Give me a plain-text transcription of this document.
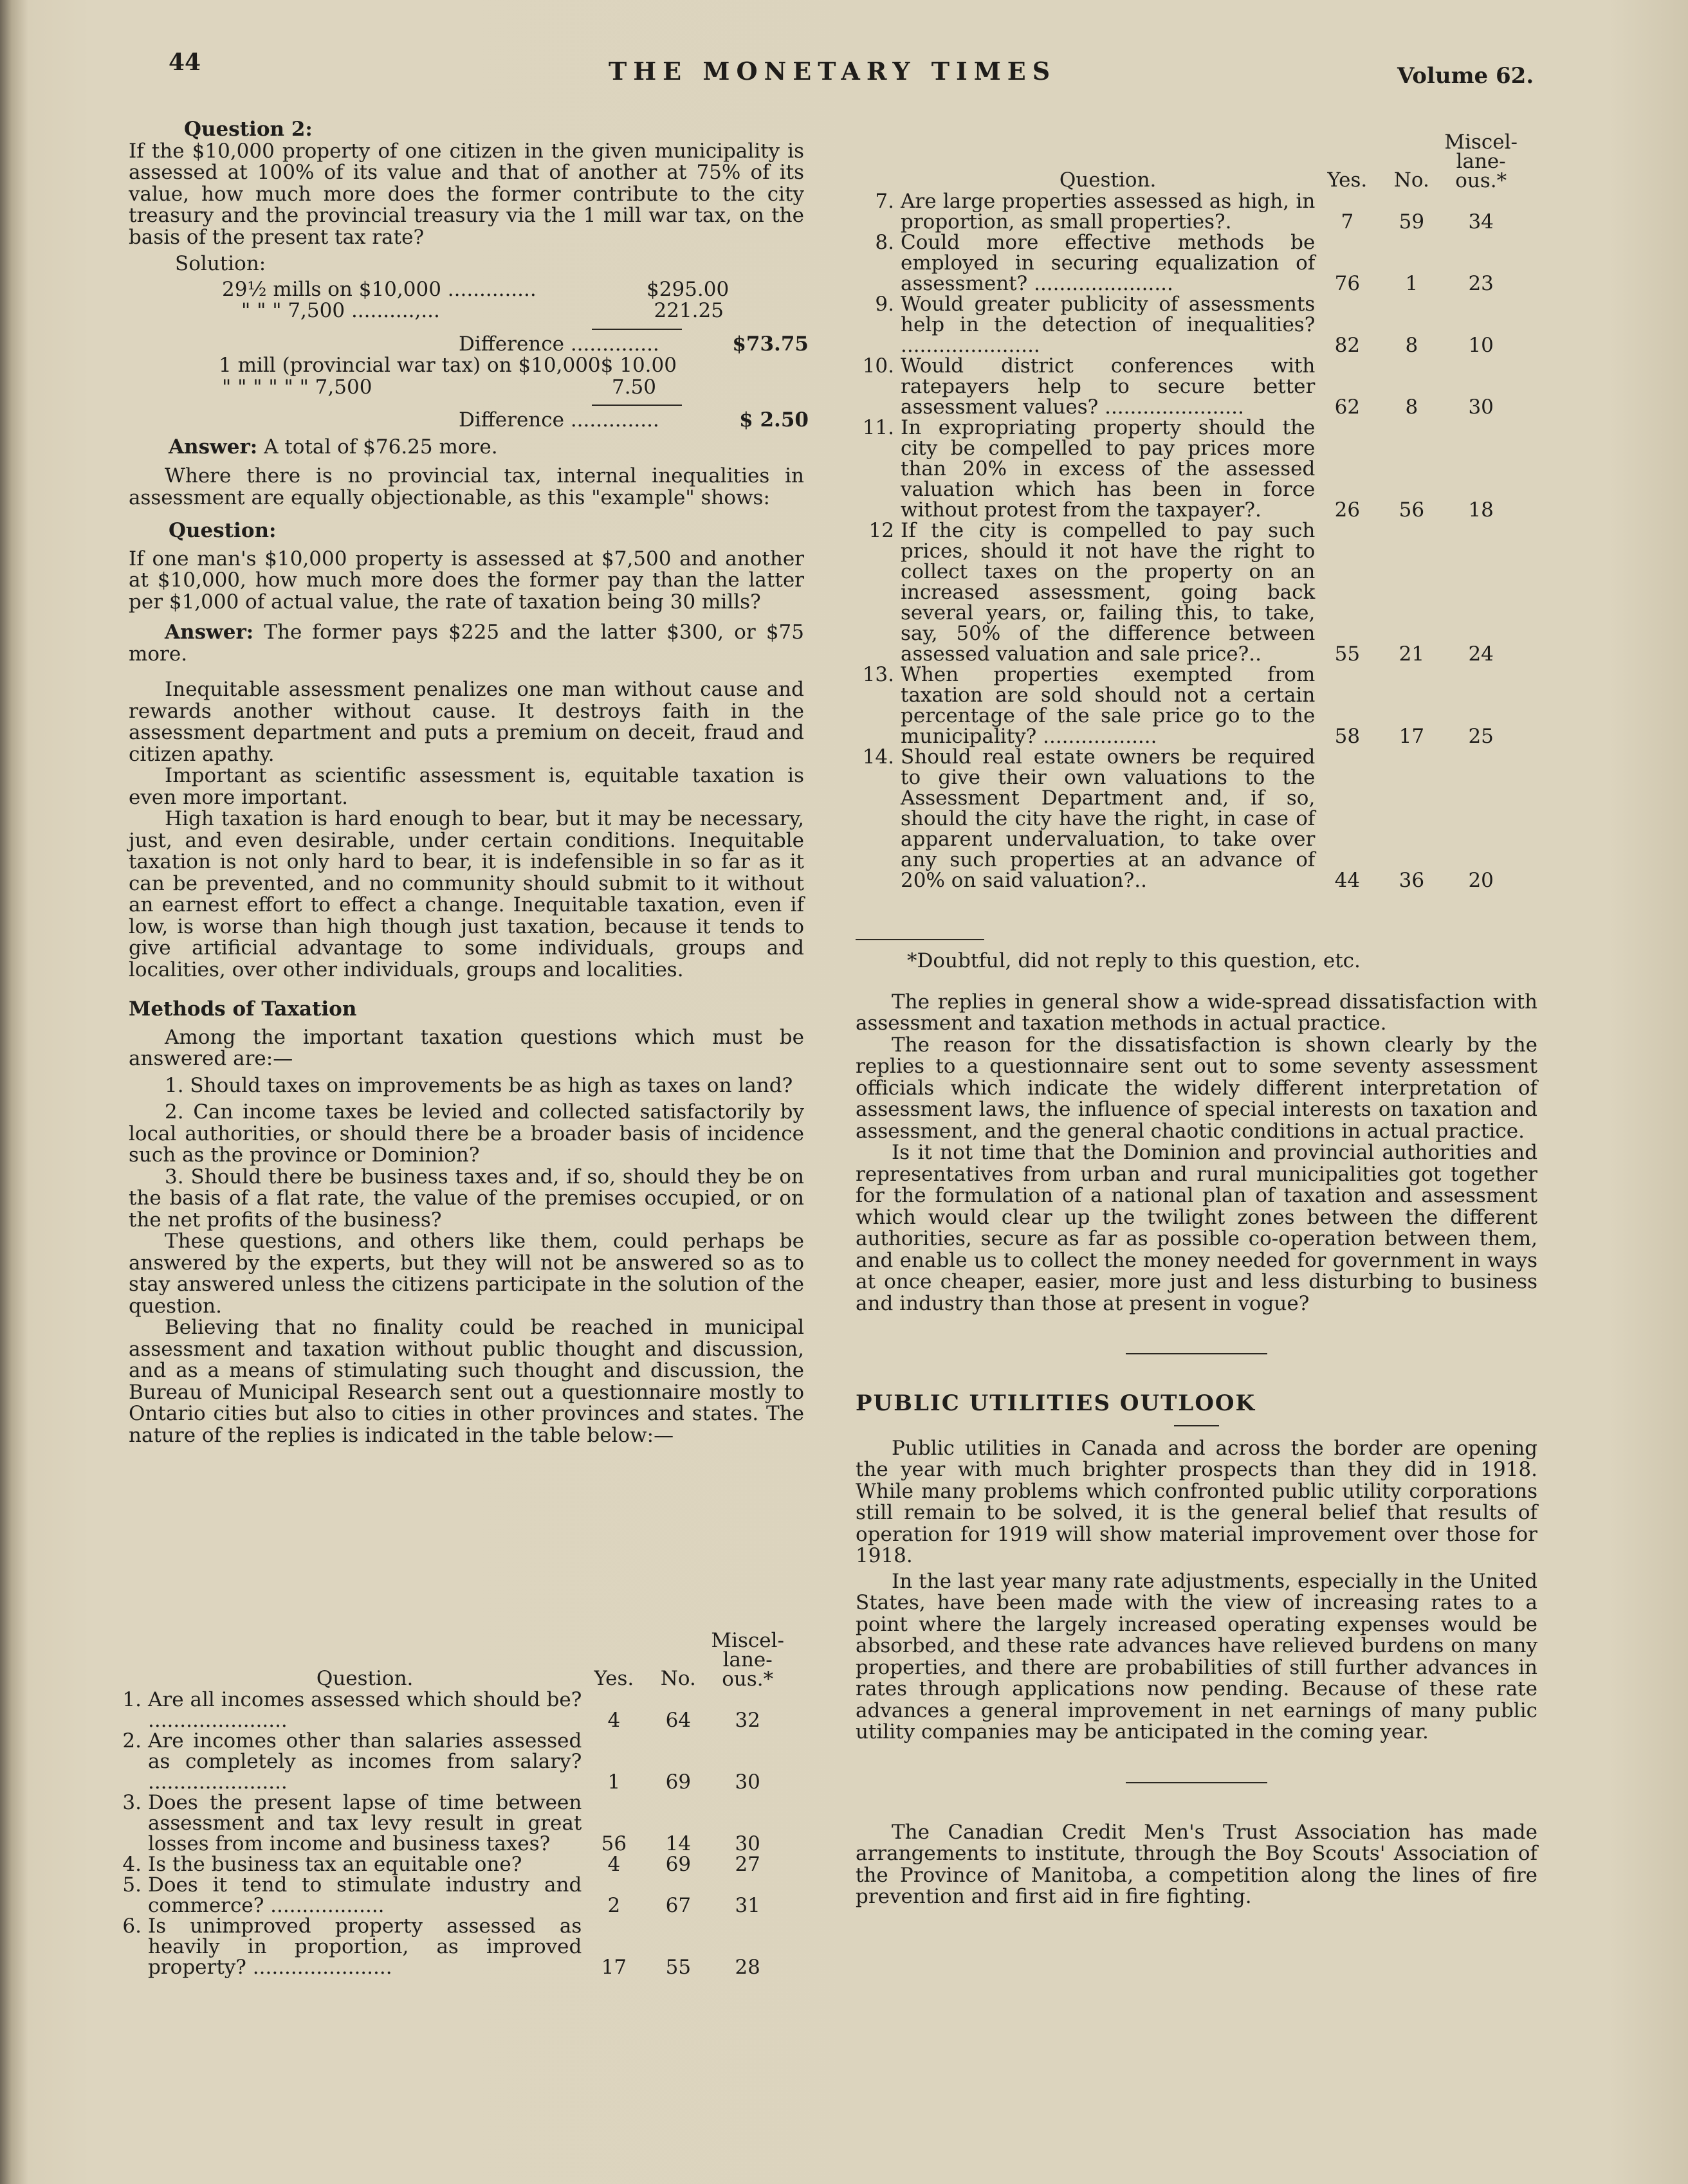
44	THE MONETARY TIMES	Volume 62.

Question 2:

If the $10,000 property of one citizen in the given municipality is assessed at 100% of its value and that of another at 75% of its value, how much more does the former contribute to the city treasury and the provincial treasury via the 1 mill war tax, on the basis of the present tax rate?

Solution:

29½ mills on $10,000 ..............	$295.00
" " " 7,500 ..........,...	221.25
Difference ..............	$73.75
1 mill (provincial war tax) on $10,000 $ 10.00
" " " " " " 7,500	7.50
Difference ..............	$ 2.50

Answer: A total of $76.25 more.

Where there is no provincial tax, internal inequalities in assessment are equally objectionable, as this "example" shows:

Question:

If one man's $10,000 property is assessed at $7,500 and another at $10,000, how much more does the former pay than the latter per $1,000 of actual value, the rate of taxation being 30 mills?

Answer: The former pays $225 and the latter $300, or $75 more.

Inequitable assessment penalizes one man without cause and rewards another without cause. It destroys faith in the assessment department and puts a premium on deceit, fraud and citizen apathy.

Important as scientific assessment is, equitable taxation is even more important.

High taxation is hard enough to bear, but it may be necessary, just, and even desirable, under certain conditions. Inequitable taxation is not only hard to bear, it is indefensible in so far as it can be prevented, and no community should submit to it without an earnest effort to effect a change. Inequitable taxation, even if low, is worse than high though just taxation, because it tends to give artificial advantage to some individuals, groups and localities, over other individuals, groups and localities.

Methods of Taxation

Among the important taxation questions which must be answered are:—

1. Should taxes on improvements be as high as taxes on land?

2. Can income taxes be levied and collected satisfactorily by local authorities, or should there be a broader basis of incidence such as the province or Dominion?

3. Should there be business taxes and, if so, should they be on the basis of a flat rate, the value of the premises occupied, or on the net profits of the business?

These questions, and others like them, could perhaps be answered by the experts, but they will not be answered so as to stay answered unless the citizens participate in the solution of the question.

Believing that no finality could be reached in municipal assessment and taxation without public thought and discussion, and as a means of stimulating such thought and discussion, the Bureau of Municipal Research sent out a questionnaire mostly to Ontario cities but also to cities in other provinces and states. The nature of the replies is indicated in the table below:—

	Question.	Yes.	No.	Miscel-
lane-
ous.*
1.	Are all incomes assessed which should be? ......................	4	64	32
2.	Are incomes other than salaries assessed as completely as incomes from salary? ......................	1	69	30
3.	Does the present lapse of time between assessment and tax levy result in great losses from income and business taxes?	56	14	30
4.	Is the business tax an equitable one?	4	69	27
5.	Does it tend to stimulate industry and commerce? ..................	2	67	31
6.	Is unimproved property assessed as heavily in proportion, as improved property? ......................	17	55	28
	Question.	Yes.	No.	Miscel-
lane-
ous.*
7.	Are large properties assessed as high, in proportion, as small properties?.	7	59	34
8.	Could more effective methods be employed in securing equalization of assessment? ......................	76	1	23
9.	Would greater publicity of assessments help in the detection of inequalities? ......................	82	8	10
10.	Would district conferences with ratepayers help to secure better assessment values? ......................	62	8	30
11.	In expropriating property should the city be compelled to pay prices more than 20% in excess of the assessed valuation which has been in force without protest from the taxpayer?.	26	56	18
12	If the city is compelled to pay such prices, should it not have the right to collect taxes on the property on an increased assessment, going back several years, or, failing this, to take, say, 50% of the difference between assessed valuation and sale price?..	55	21	24
13.	When properties exempted from taxation are sold should not a certain percentage of the sale price go to the municipality? ..................	58	17	25
14.	Should real estate owners be required to give their own valuations to the Assessment Department and, if so, should the city have the right, in case of apparent undervaluation, to take over any such properties at an advance of 20% on said valuation?..	44	36	20

*Doubtful, did not reply to this question, etc.

The replies in general show a wide-spread dissatisfaction with assessment and taxation methods in actual practice.

The reason for the dissatisfaction is shown clearly by the replies to a questionnaire sent out to some seventy assessment officials which indicate the widely different interpretation of assessment laws, the influence of special interests on taxation and assessment, and the general chaotic conditions in actual practice.

Is it not time that the Dominion and provincial authorities and representatives from urban and rural municipalities got together for the formulation of a national plan of taxation and assessment which would clear up the twilight zones between the different authorities, secure as far as possible co-operation between them, and enable us to collect the money needed for government in ways at once cheaper, easier, more just and less disturbing to business and industry than those at present in vogue?

PUBLIC UTILITIES OUTLOOK

Public utilities in Canada and across the border are opening the year with much brighter prospects than they did in 1918. While many problems which confronted public utility corporations still remain to be solved, it is the general belief that results of operation for 1919 will show material improvement over those for 1918.

In the last year many rate adjustments, especially in the United States, have been made with the view of increasing rates to a point where the largely increased operating expenses would be absorbed, and these rate advances have relieved burdens on many properties, and there are probabilities of still further advances in rates through applications now pending. Because of these rate advances a general improvement in net earnings of many public utility companies may be anticipated in the coming year.

The Canadian Credit Men's Trust Association has made arrangements to institute, through the Boy Scouts' Association of the Province of Manitoba, a competition along the lines of fire prevention and first aid in fire fighting.
